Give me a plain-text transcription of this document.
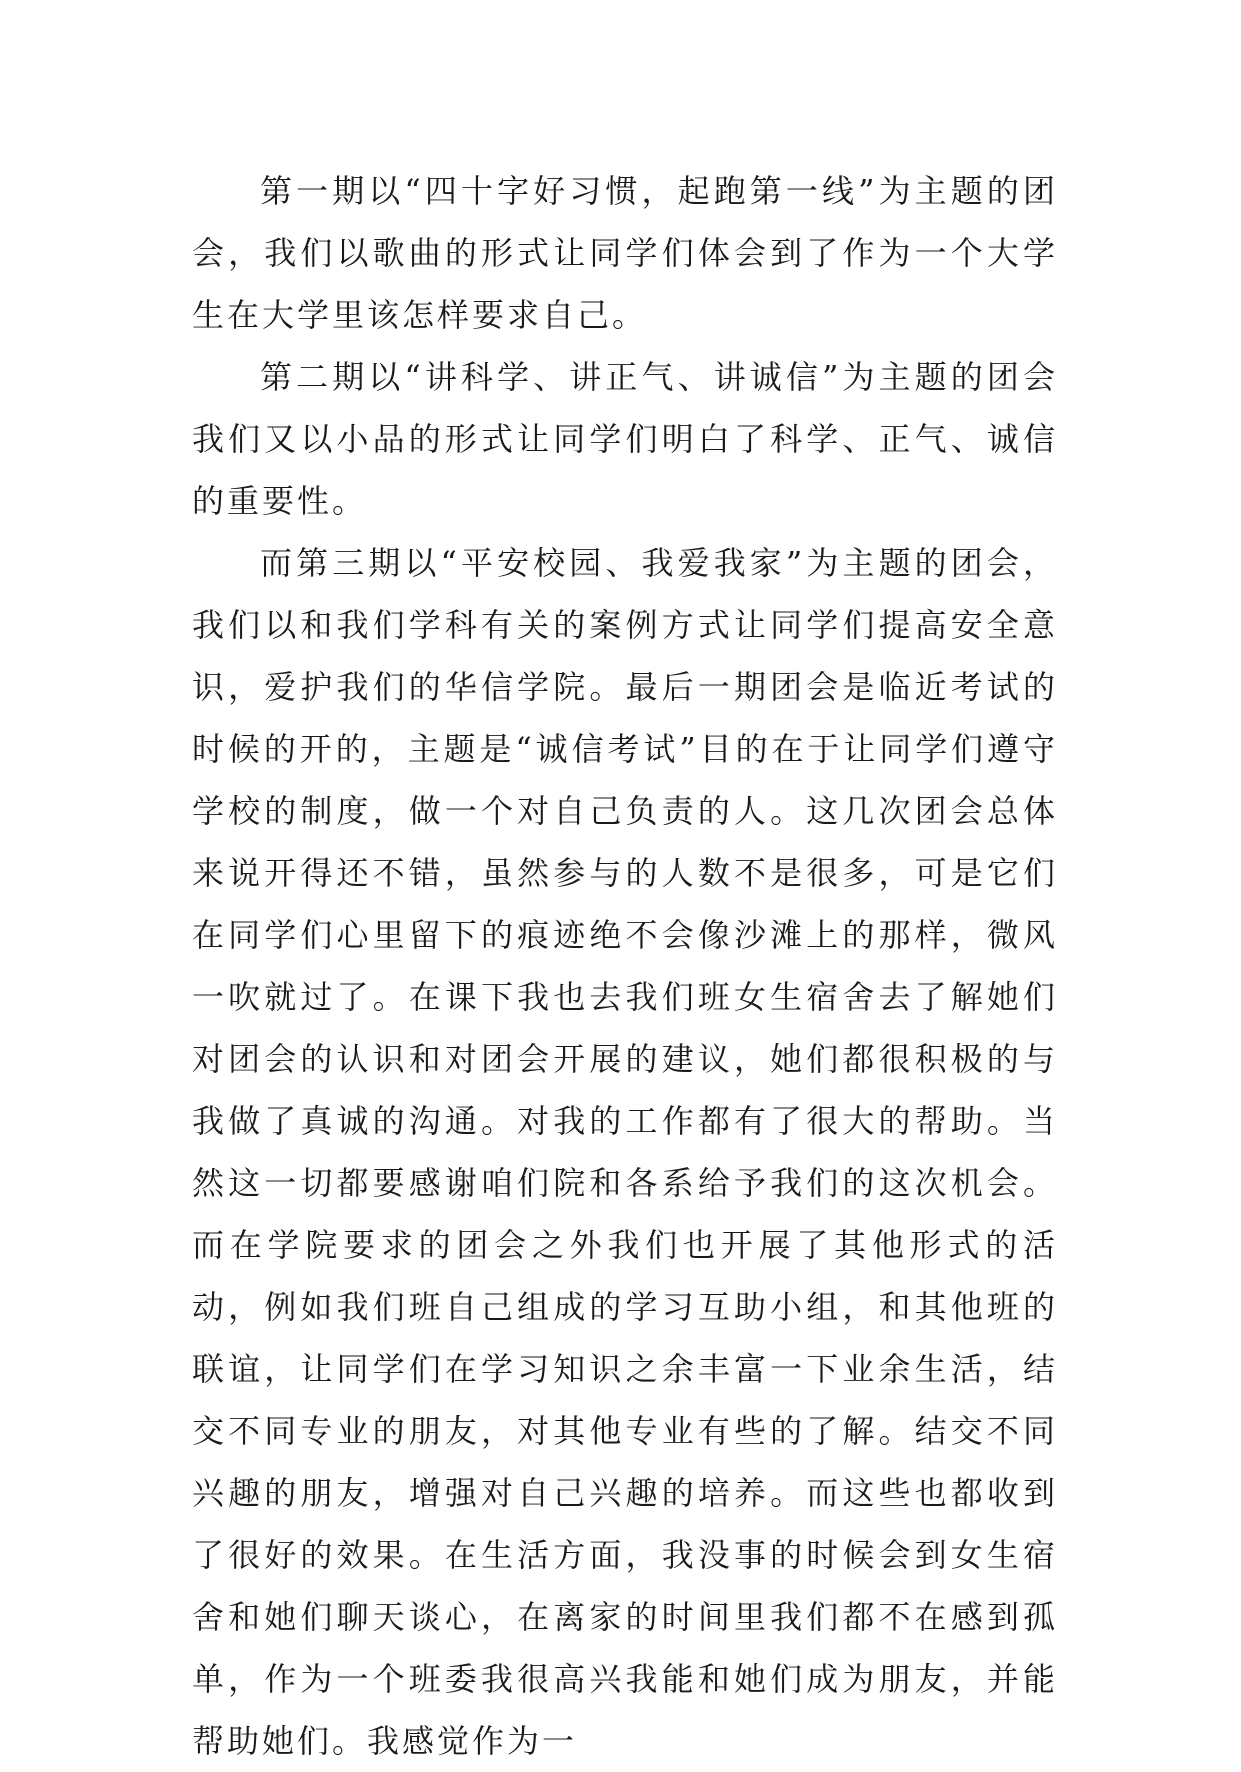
第一期以“四十字好习惯，起跑第一线”为主题的团会，我们以歌曲的形式让同学们体会到了作为一个大学生在大学里该怎样要求自己。

第二期以“讲科学、讲正气、讲诚信”为主题的团会我们又以小品的形式让同学们明白了科学、正气、诚信的重要性。

而第三期以“平安校园、我爱我家”为主题的团会，我们以和我们学科有关的案例方式让同学们提高安全意识，爱护我们的华信学院。最后一期团会是临近考试的时候的开的，主题是“诚信考试”目的在于让同学们遵守学校的制度，做一个对自己负责的人。这几次团会总体来说开得还不错，虽然参与的人数不是很多，可是它们在同学们心里留下的痕迹绝不会像沙滩上的那样，微风一吹就过了。在课下我也去我们班女生宿舍去了解她们对团会的认识和对团会开展的建议，她们都很积极的与我做了真诚的沟通。对我的工作都有了很大的帮助。当然这一切都要感谢咱们院和各系给予我们的这次机会。而在学院要求的团会之外我们也开展了其他形式的活动，例如我们班自己组成的学习互助小组，和其他班的联谊，让同学们在学习知识之余丰富一下业余生活，结交不同专业的朋友，对其他专业有些的了解。结交不同兴趣的朋友，增强对自己兴趣的培养。而这些也都收到了很好的效果。在生活方面，我没事的时候会到女生宿舍和她们聊天谈心，在离家的时间里我们都不在感到孤单，作为一个班委我很高兴我能和她们成为朋友，并能帮助她们。我感觉作为一
